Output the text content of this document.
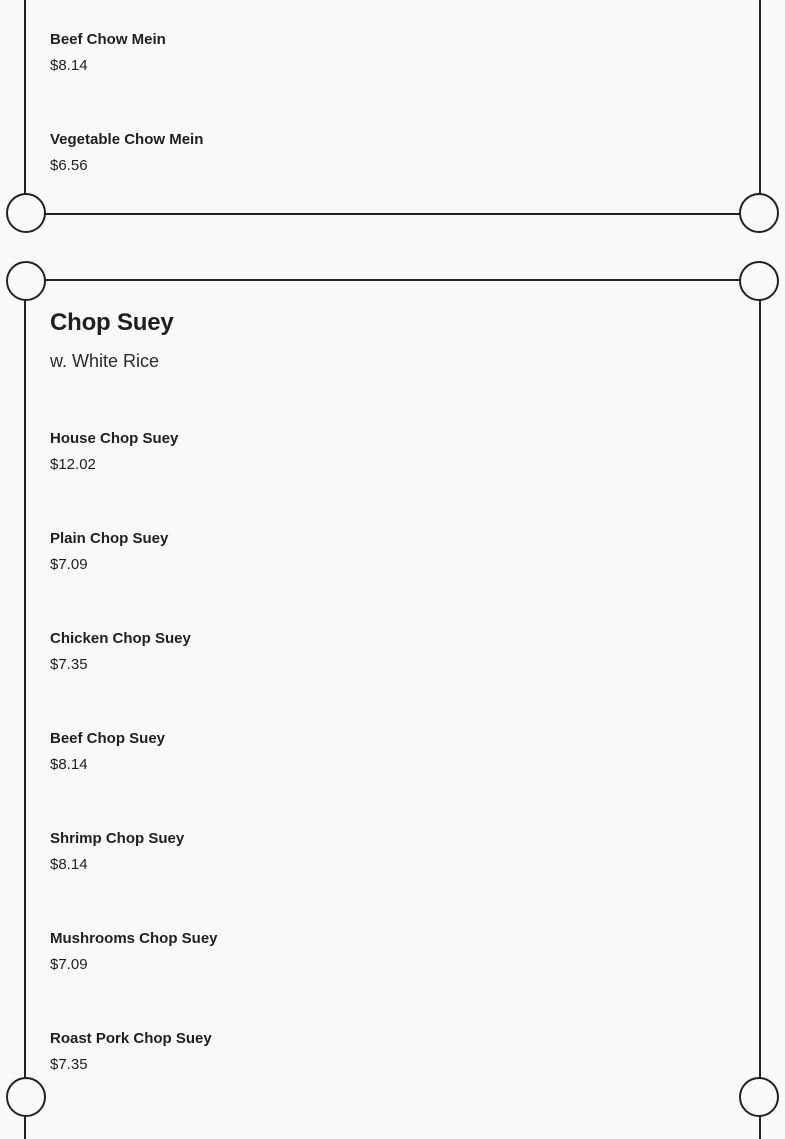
Beef Chow Mein
$8.14
Vegetable Chow Mein
$6.56
Chop Suey

w. White Rice

House Chop Suey
$12.02
Plain Chop Suey
$7.09
Chicken Chop Suey
$7.35
Beef Chop Suey
$8.14
Shrimp Chop Suey
$8.14
Mushrooms Chop Suey
$7.09
Roast Pork Chop Suey
$7.35
